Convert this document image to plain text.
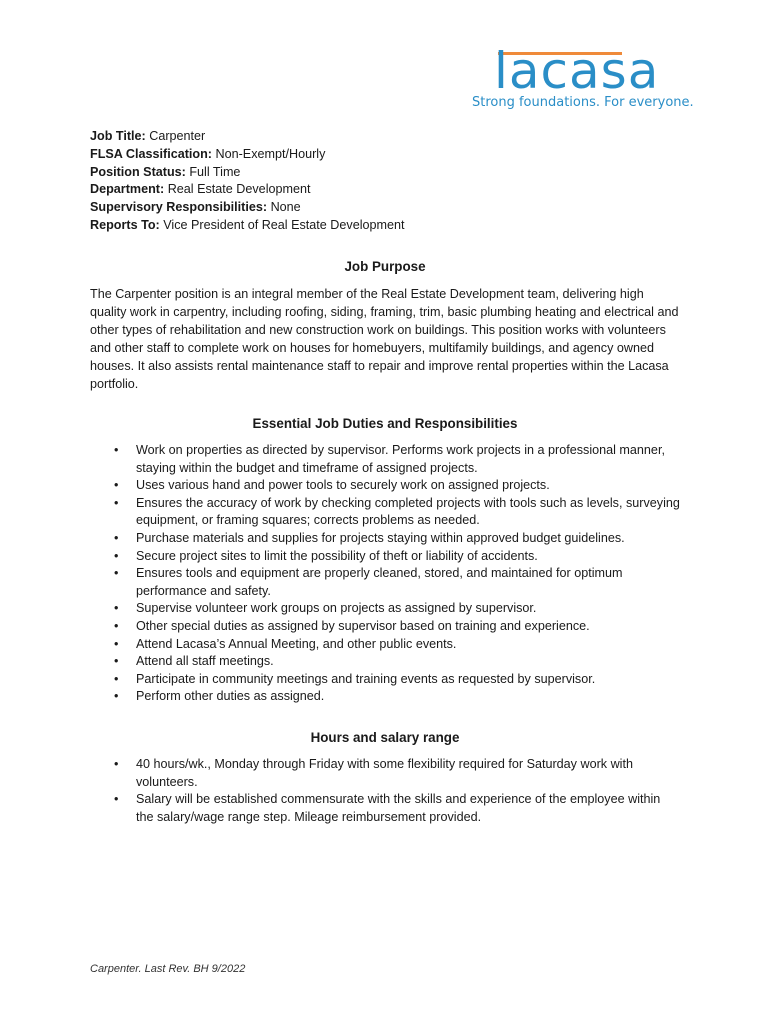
lacasa
Strong foundations. For everyone.
Job Title: Carpenter
FLSA Classification: Non-Exempt/Hourly
Position Status: Full Time
Department: Real Estate Development
Supervisory Responsibilities: None
Reports To: Vice President of Real Estate Development
Job Purpose

The Carpenter position is an integral member of the Real Estate Development team, delivering high quality work in carpentry, including roofing, siding, framing, trim, basic plumbing heating and electrical and other types of rehabilitation and new construction work on buildings. This position works with volunteers and other staff to complete work on houses for homebuyers, multifamily buildings, and agency owned houses. It also assists rental maintenance staff to repair and improve rental properties within the Lacasa portfolio.

Essential Job Duties and Responsibilities
• Work on properties as directed by supervisor. Performs work projects in a professional manner, staying within the budget and timeframe of assigned projects.
• Uses various hand and power tools to securely work on assigned projects.
• Ensures the accuracy of work by checking completed projects with tools such as levels, surveying equipment, or framing squares; corrects problems as needed.
• Purchase materials and supplies for projects staying within approved budget guidelines.
• Secure project sites to limit the possibility of theft or liability of accidents.
• Ensures tools and equipment are properly cleaned, stored, and maintained for optimum performance and safety.
• Supervise volunteer work groups on projects as assigned by supervisor.
• Other special duties as assigned by supervisor based on training and experience.
• Attend Lacasa’s Annual Meeting, and other public events.
• Attend all staff meetings.
• Participate in community meetings and training events as requested by supervisor.
• Perform other duties as assigned.
Hours and salary range
• 40 hours/wk., Monday through Friday with some flexibility required for Saturday work with volunteers.
• Salary will be established commensurate with the skills and experience of the employee within the salary/wage range step. Mileage reimbursement provided.
Carpenter. Last Rev. BH 9/2022
